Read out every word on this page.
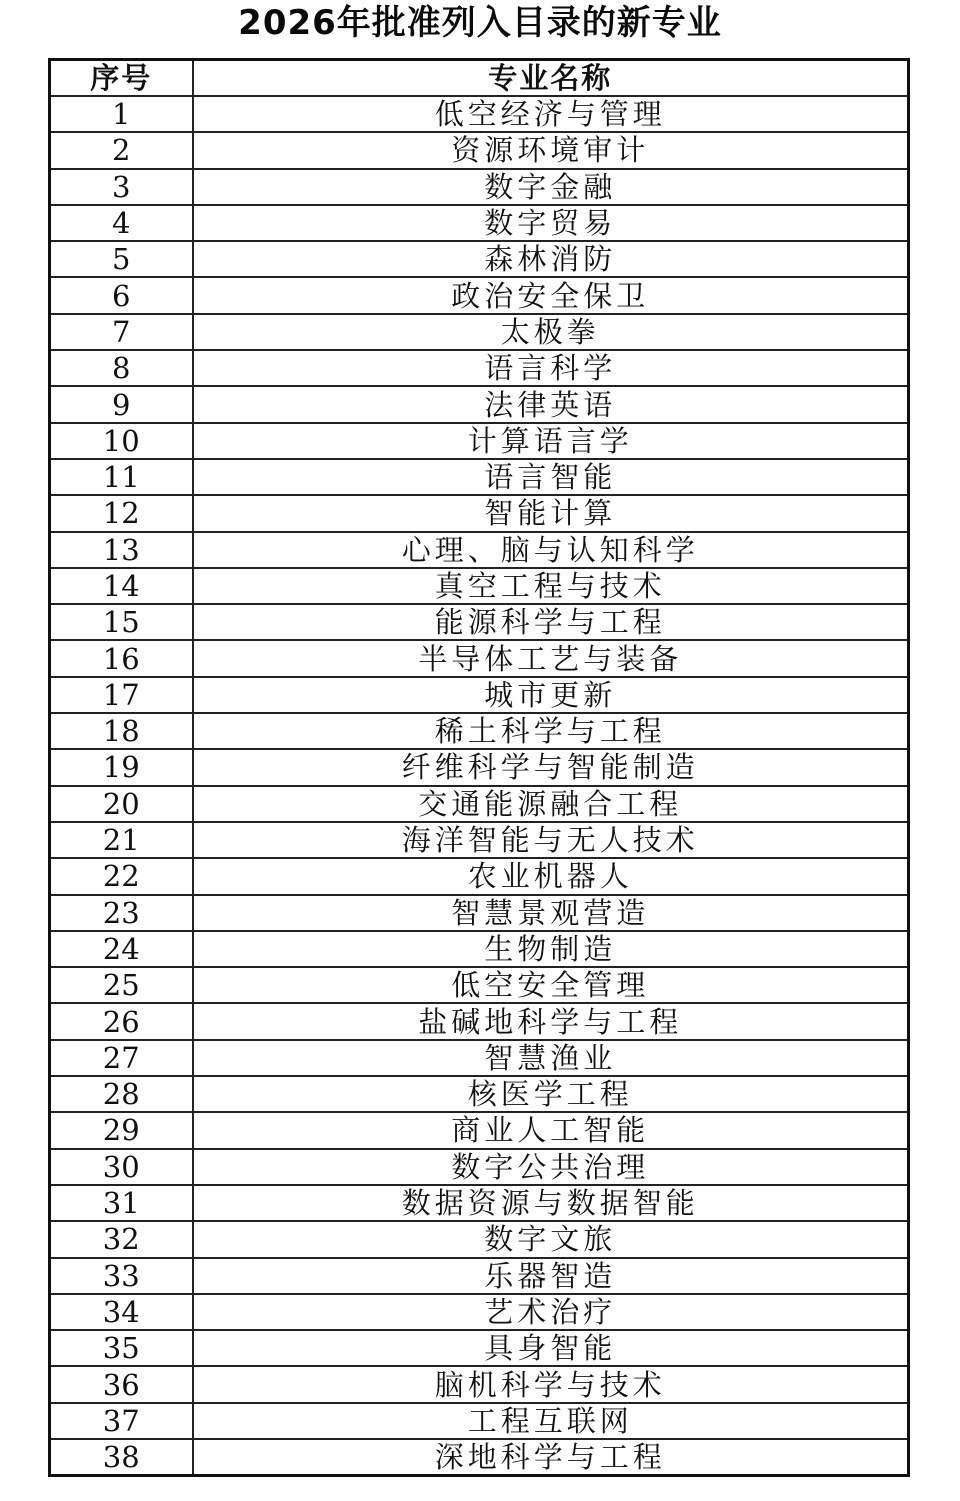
2026年批准列入目录的新专业
序号	专业名称
1	低空经济与管理
2	资源环境审计
3	数字金融
4	数字贸易
5	森林消防
6	政治安全保卫
7	太极拳
8	语言科学
9	法律英语
10	计算语言学
11	语言智能
12	智能计算
13	心理、脑与认知科学
14	真空工程与技术
15	能源科学与工程
16	半导体工艺与装备
17	城市更新
18	稀土科学与工程
19	纤维科学与智能制造
20	交通能源融合工程
21	海洋智能与无人技术
22	农业机器人
23	智慧景观营造
24	生物制造
25	低空安全管理
26	盐碱地科学与工程
27	智慧渔业
28	核医学工程
29	商业人工智能
30	数字公共治理
31	数据资源与数据智能
32	数字文旅
33	乐器智造
34	艺术治疗
35	具身智能
36	脑机科学与技术
37	工程互联网
38	深地科学与工程
